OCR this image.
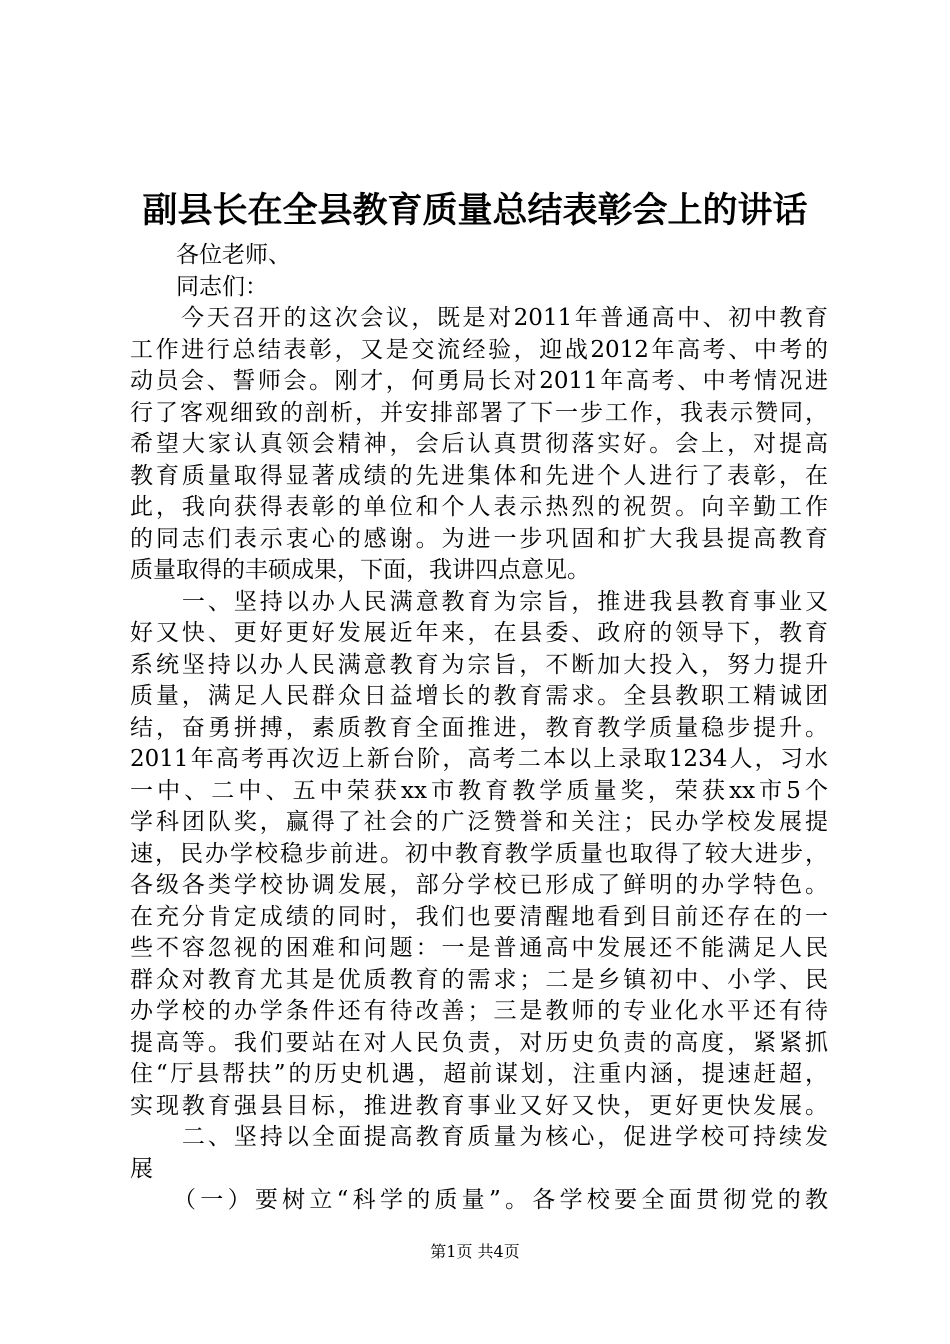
副县长在全县教育质量总结表彰会上的讲话
　　各位老师、
　　同志们：
　　今天召开的这次会议，既是对2011年普通高中、初中教育
工作进行总结表彰，又是交流经验，迎战2012年高考、中考的
动员会、誓师会。刚才，何勇局长对2011年高考、中考情况进
行了客观细致的剖析，并安排部署了下一步工作，我表示赞同，
希望大家认真领会精神，会后认真贯彻落实好。会上，对提高
教育质量取得显著成绩的先进集体和先进个人进行了表彰，在
此，我向获得表彰的单位和个人表示热烈的祝贺。向辛勤工作
的同志们表示衷心的感谢。为进一步巩固和扩大我县提高教育
质量取得的丰硕成果，下面，我讲四点意见。
　　一、坚持以办人民满意教育为宗旨，推进我县教育事业又
好又快、更好更好发展近年来，在县委、政府的领导下，教育
系统坚持以办人民满意教育为宗旨，不断加大投入，努力提升
质量，满足人民群众日益增长的教育需求。全县教职工精诚团
结，奋勇拼搏，素质教育全面推进，教育教学质量稳步提升。
2011年高考再次迈上新台阶，高考二本以上录取1234人，习水
一中、二中、五中荣获xx市教育教学质量奖，荣获xx市5个
学科团队奖，赢得了社会的广泛赞誉和关注；民办学校发展提
速，民办学校稳步前进。初中教育教学质量也取得了较大进步，
各级各类学校协调发展，部分学校已形成了鲜明的办学特色。
在充分肯定成绩的同时，我们也要清醒地看到目前还存在的一
些不容忽视的困难和问题：一是普通高中发展还不能满足人民
群众对教育尤其是优质教育的需求；二是乡镇初中、小学、民
办学校的办学条件还有待改善；三是教师的专业化水平还有待
提高等。我们要站在对人民负责，对历史负责的高度，紧紧抓
住“厅县帮扶”的历史机遇，超前谋划，注重内涵，提速赶超，
实现教育强县目标，推进教育事业又好又快，更好更快发展。
　　二、坚持以全面提高教育质量为核心，促进学校可持续发
展
　　（一）要树立“科学的质量”。各学校要全面贯彻党的教
第1页 共4页
